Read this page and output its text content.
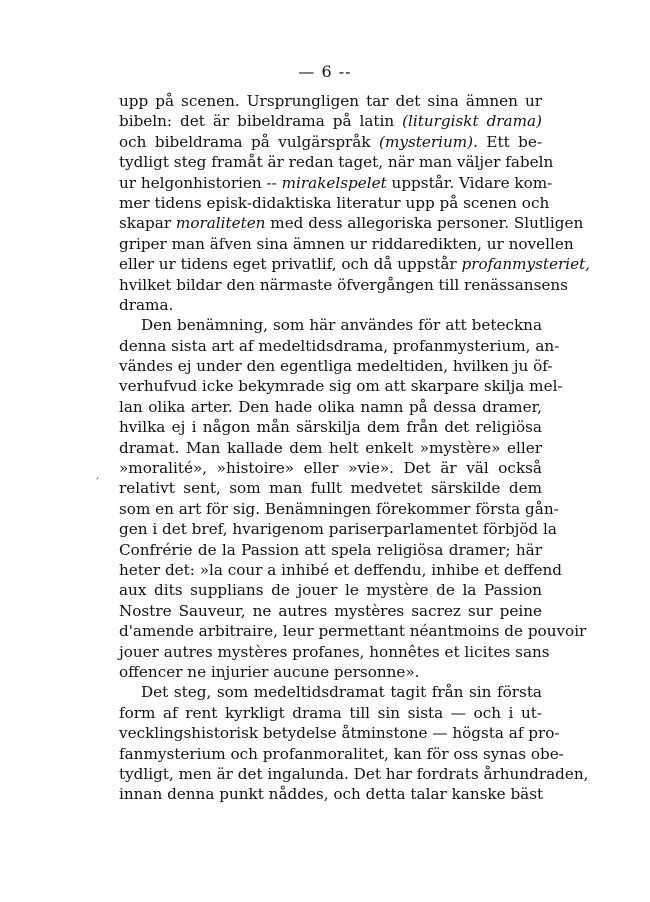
— 6 --
ˊ
upp på scenen. Ursprungligen tar det sina ämnen ur
bibeln: det är bibeldrama på latin (liturgiskt drama)
och bibeldrama på vulgärspråk (mysterium). Ett be-
tydligt steg framåt är redan taget, när man väljer fabeln
ur helgonhistorien -- mirakelspelet uppstår. Vidare kom-
mer tidens episk-didaktiska literatur upp på scenen och
skapar moraliteten med dess allegoriska personer. Slutligen
griper man äfven sina ämnen ur riddaredikten, ur novellen
eller ur tidens eget privatlif, och då uppstår profanmysteriet,
hvilket bildar den närmaste öfvergången till renässansens
drama.
Den benämning, som här användes för att beteckna
denna sista art af medeltidsdrama, profanmysterium, an-
vändes ej under den egentliga medeltiden, hvilken ju öf-
verhufvud icke bekymrade sig om att skarpare skilja mel-
lan olika arter. Den hade olika namn på dessa dramer,
hvilka ej i någon mån särskilja dem från det religiösa
dramat. Man kallade dem helt enkelt »mystère» eller
»moralité», »histoire» eller »vie». Det är väl också
relativt sent, som man fullt medvetet särskilde dem
som en art för sig. Benämningen förekommer första gån-
gen i det bref, hvarigenom pariserparlamentet förbjöd la
Confrérie de la Passion att spela religiösa dramer; här
heter det: »la cour a inhibé et deffendu, inhibe et deffend
aux dits supplians de jouer le mystère de la Passion
Nostre Sauveur, ne autres mystères sacrez sur peine
d'amende arbitraire, leur permettant néantmoins de pouvoir
jouer autres mystères profanes, honnêtes et licites sans
offencer ne injurier aucune personne».
Det steg, som medeltidsdramat tagit från sin första
form af rent kyrkligt drama till sin sista — och i ut-
vecklingshistorisk betydelse åtminstone — högsta af pro-
fanmysterium och profanmoralitet, kan för oss synas obe-
tydligt, men är det ingalunda. Det har fordrats århundraden,
innan denna punkt nåddes, och detta talar kanske bäst
